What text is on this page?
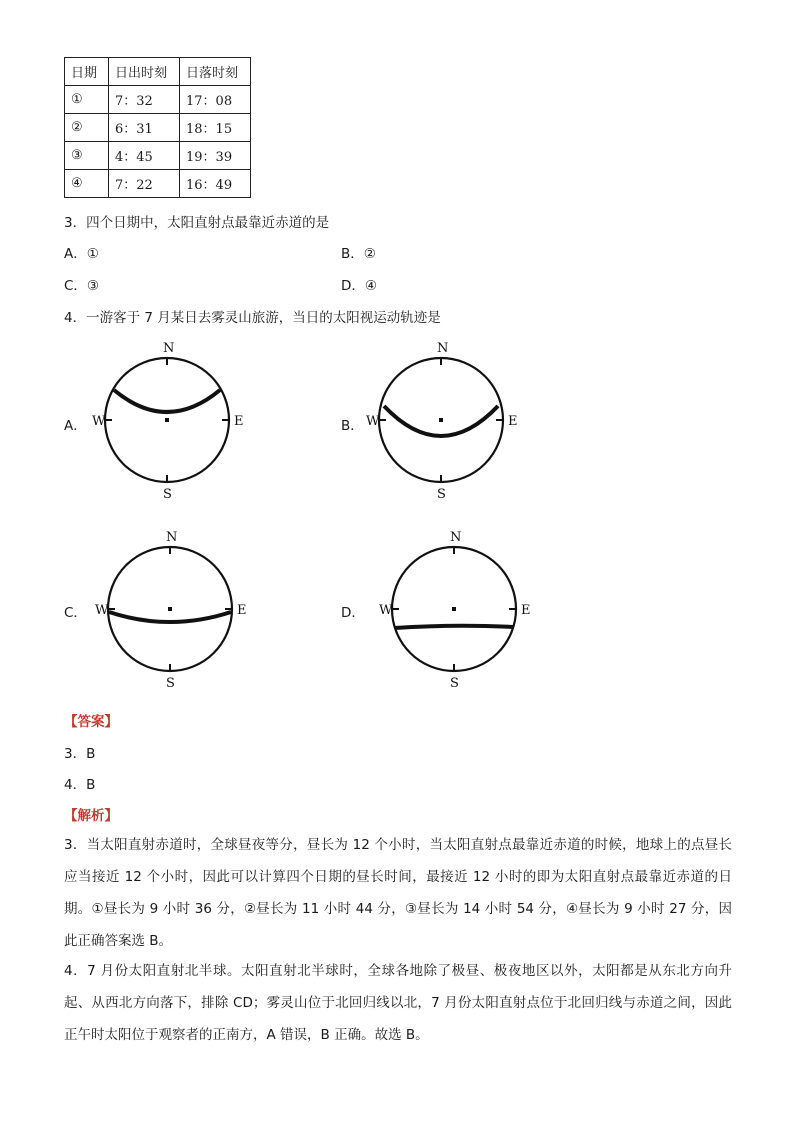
日期	日出时刻	日落时刻
①	7：32	17：08
②	6：31	18：15
③	4：45	19：39
④	7：22	16：49
3．四个日期中，太阳直射点最靠近赤道的是
A．①	B．②
C．③	D．④
4．一游客于 7 月某日去雾灵山旅游，当日的太阳视运动轨迹是
A．
N
S
W	E	B．
N
S
W	E
C．
N
S
W	E	D．
N
S
W	E
【答案】
3．B
4．B
【解析】
3．当太阳直射赤道时，全球昼夜等分，昼长为 12 个小时，当太阳直射点最靠近赤道的时候，地球上的点昼长应当接近 12 个小时，因此可以计算四个日期的昼长时间，最接近 12 小时的即为太阳直射点最靠近赤道的日期。①昼长为 9 小时 36 分，②昼长为 11 小时 44 分，③昼长为 14 小时 54 分，④昼长为 9 小时 27 分，因此正确答案选 B。
4．7 月份太阳直射北半球。太阳直射北半球时，全球各地除了极昼、极夜地区以外，太阳都是从东北方向升起、从西北方向落下，排除 CD；雾灵山位于北回归线以北，7 月份太阳直射点位于北回归线与赤道之间，因此正午时太阳位于观察者的正南方，A 错误，B 正确。故选 B。
